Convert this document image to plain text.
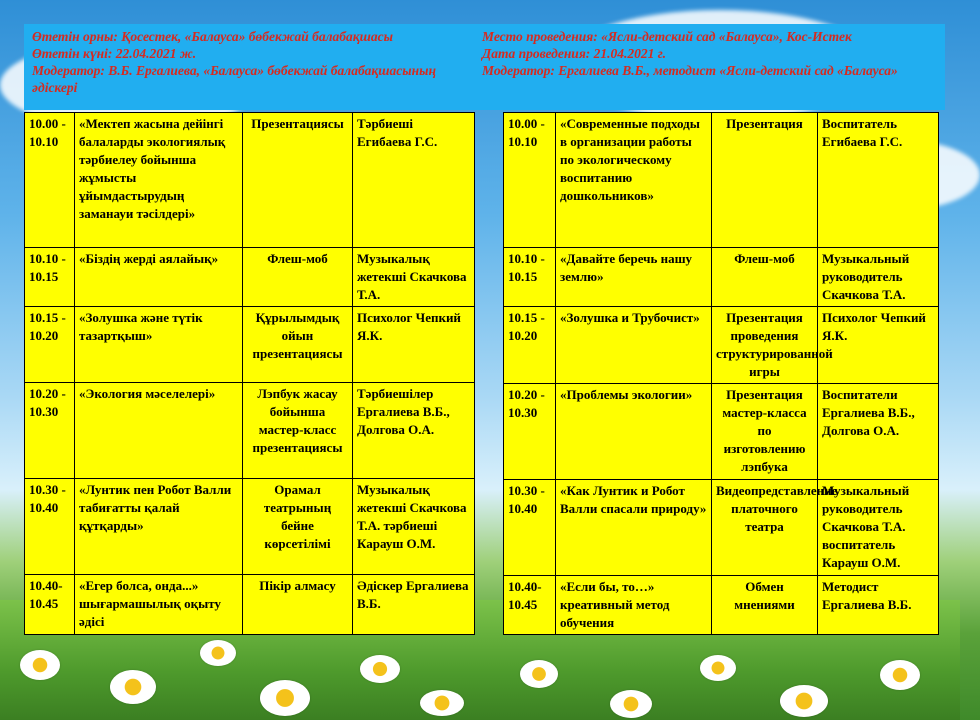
Өтетін орны: Қосестек, «Балауса» бөбекжай балабақшасы
Өтетін күні: 22.04.2021 ж.
Модератор: В.Б. Ергалиева, «Балауса» бөбекжай балабақшасының әдіскері
Место проведения: «Ясли-детский сад «Балауса», Кос-Истек
Дата проведения: 21.04.2021 г.
Модератор: Ергалиева В.Б., методист «Ясли-детский сад «Балауса»
10.00 - 10.10	«Мектеп жасына дейінгі балаларды экологиялық тәрбиелеу бойынша жұмысты ұйымдастырудың заманауи тәсілдері»	Презентациясы	Тәрбиеші Егибаева Г.С.
10.10 - 10.15	«Біздің жерді аялайық»	Флеш-моб	Музыкалық жетекші Скачкова Т.А.
10.15 - 10.20	«Золушка және түтік тазартқыш»	Құрылымдық ойын презентациясы	Психолог Чепкий Я.К.
10.20 - 10.30	«Экология мәселелері»	Лэпбук жасау бойынша мастер-класс презентациясы	Тәрбиешілер Ергалиева В.Б., Долгова О.А.
10.30 - 10.40	«Лунтик пен Робот Валли табиғатты қалай құтқарды»	Орамал театрының бейне көрсетілімі	Музыкалық жетекші Скачкова Т.А. тәрбиеші Карауш О.М.
10.40- 10.45	«Егер болса, онда...» шығармашылық оқыту әдісі	Пікір алмасу	Әдіскер Ергалиева В.Б.
10.00 - 10.10	«Современные подходы в организации работы по экологическому воспитанию дошкольников»	Презентация	Воспитатель Егибаева Г.С.
10.10 - 10.15	«Давайте беречь нашу землю»	Флеш-моб	Музыкальный руководитель Скачкова Т.А.
10.15 - 10.20	«Золушка и Трубочист»	Презентация проведения структурированной игры	Психолог Чепкий Я.К.
10.20 - 10.30	«Проблемы экологии»	Презентация мастер-класса по изготовлению лэпбука	Воспитатели Ергалиева В.Б., Долгова О.А.
10.30 - 10.40	«Как Лунтик и Робот Валли спасали природу»	Видеопредставление платочного театра	Музыкальный руководитель Скачкова Т.А. воспитатель Карауш О.М.
10.40- 10.45	«Если бы, то…» креативный метод обучения	Обмен мнениями	Методист Ергалиева В.Б.
